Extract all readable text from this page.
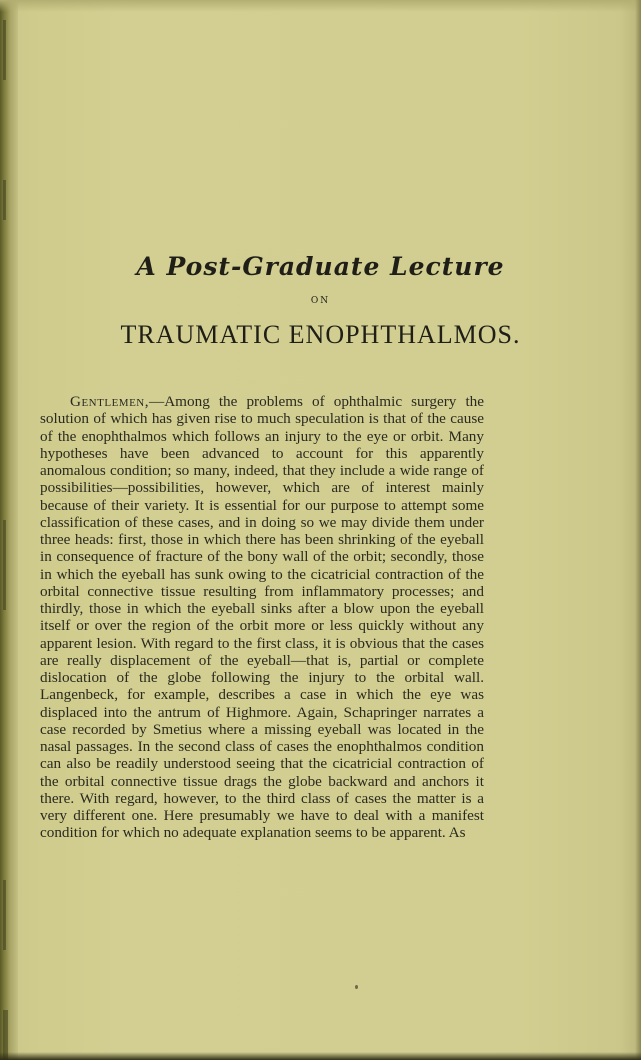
A Post-Graduate Lecture
ON
TRAUMATIC ENOPHTHALMOS.
Gentlemen,—Among the problems of ophthalmic surgery the solution of which has given rise to much speculation is that of the cause of the enophthalmos which follows an injury to the eye or orbit. Many hypotheses have been advanced to account for this apparently anomalous condition; so many, indeed, that they include a wide range of possibilities—possibilities, however, which are of interest mainly because of their variety. It is essential for our purpose to attempt some classification of these cases, and in doing so we may divide them under three heads: first, those in which there has been shrinking of the eyeball in consequence of fracture of the bony wall of the orbit; secondly, those in which the eyeball has sunk owing to the cicatricial contraction of the orbital connective tissue resulting from inflammatory processes; and thirdly, those in which the eyeball sinks after a blow upon the eyeball itself or over the region of the orbit more or less quickly without any apparent lesion. With regard to the first class, it is obvious that the cases are really displacement of the eyeball—that is, partial or complete dislocation of the globe following the injury to the orbital wall. Langenbeck, for example, describes a case in which the eye was displaced into the antrum of Highmore. Again, Schapringer narrates a case recorded by Smetius where a missing eyeball was located in the nasal passages. In the second class of cases the enophthalmos condition can also be readily understood seeing that the cicatricial contraction of the orbital connective tissue drags the globe backward and anchors it there. With regard, however, to the third class of cases the matter is a very different one. Here presumably we have to deal with a manifest condition for which no adequate explanation seems to be apparent. As
